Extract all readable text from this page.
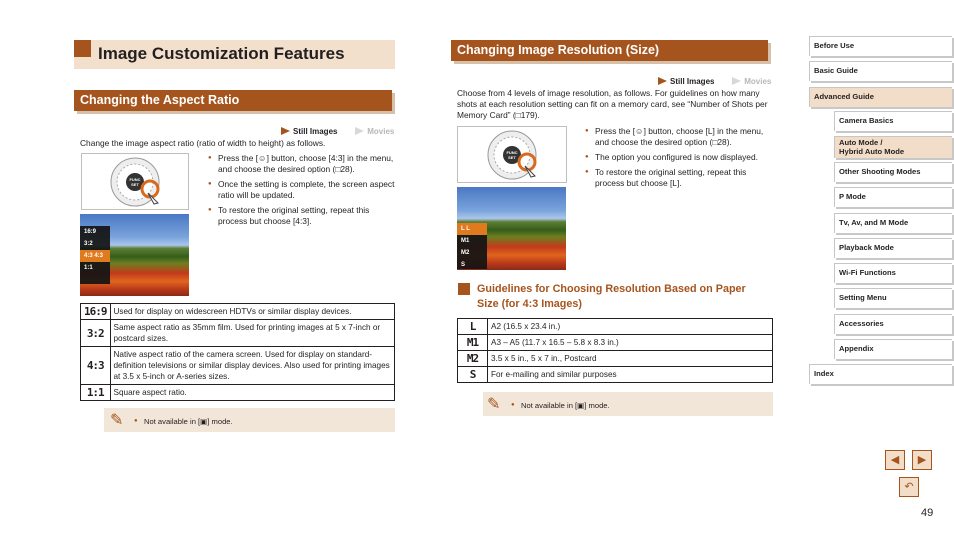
Image Customization Features
Changing the Aspect Ratio
Still Images	Movies
Change the image aspect ratio (ratio of width to height) as follows.
FUNC SET
16:9
3:2
4:3 4:3
1:1
● Press the [☺] button, choose [4:3] in the menu, and choose the desired option (□28).
● Once the setting is complete, the screen aspect ratio will be updated.
● To restore the original setting, repeat this process but choose [4:3].
16:9	Used for display on widescreen HDTVs or similar display devices.
3:2	Same aspect ratio as 35mm film. Used for printing images at 5 x 7-inch or postcard sizes.
4:3	Native aspect ratio of the camera screen. Used for display on standard-definition televisions or similar display devices. Also used for printing images at 3.5 x 5-inch or A-series sizes.
1:1	Square aspect ratio.
✎	● Not available in [▣] mode.
Changing Image Resolution (Size)
Still Images	Movies
Choose from 4 levels of image resolution, as follows. For guidelines on how many shots at each resolution setting can fit on a memory card, see “Number of Shots per Memory Card” (□179).
FUNC SET
L L
M1
M2
S
● Press the [☺] button, choose [L] in the menu, and choose the desired option (□28).
● The option you configured is now displayed.
● To restore the original setting, repeat this process but choose [L].
Guidelines for Choosing Resolution Based on Paper Size (for 4:3 Images)
L	A2 (16.5 x 23.4 in.)
M1	A3 – A5 (11.7 x 16.5 – 5.8 x 8.3 in.)
M2	3.5 x 5 in., 5 x 7 in., Postcard
S	For e-mailing and similar purposes
✎	● Not available in [▣] mode.
Before Use
Basic Guide
Advanced Guide
Camera Basics
Auto Mode /
Hybrid Auto Mode
Other Shooting Modes
P Mode
Tv, Av, and M Mode
Playback Mode
Wi-Fi Functions
Setting Menu
Accessories
Appendix
Index
◀	▶
↶
49
